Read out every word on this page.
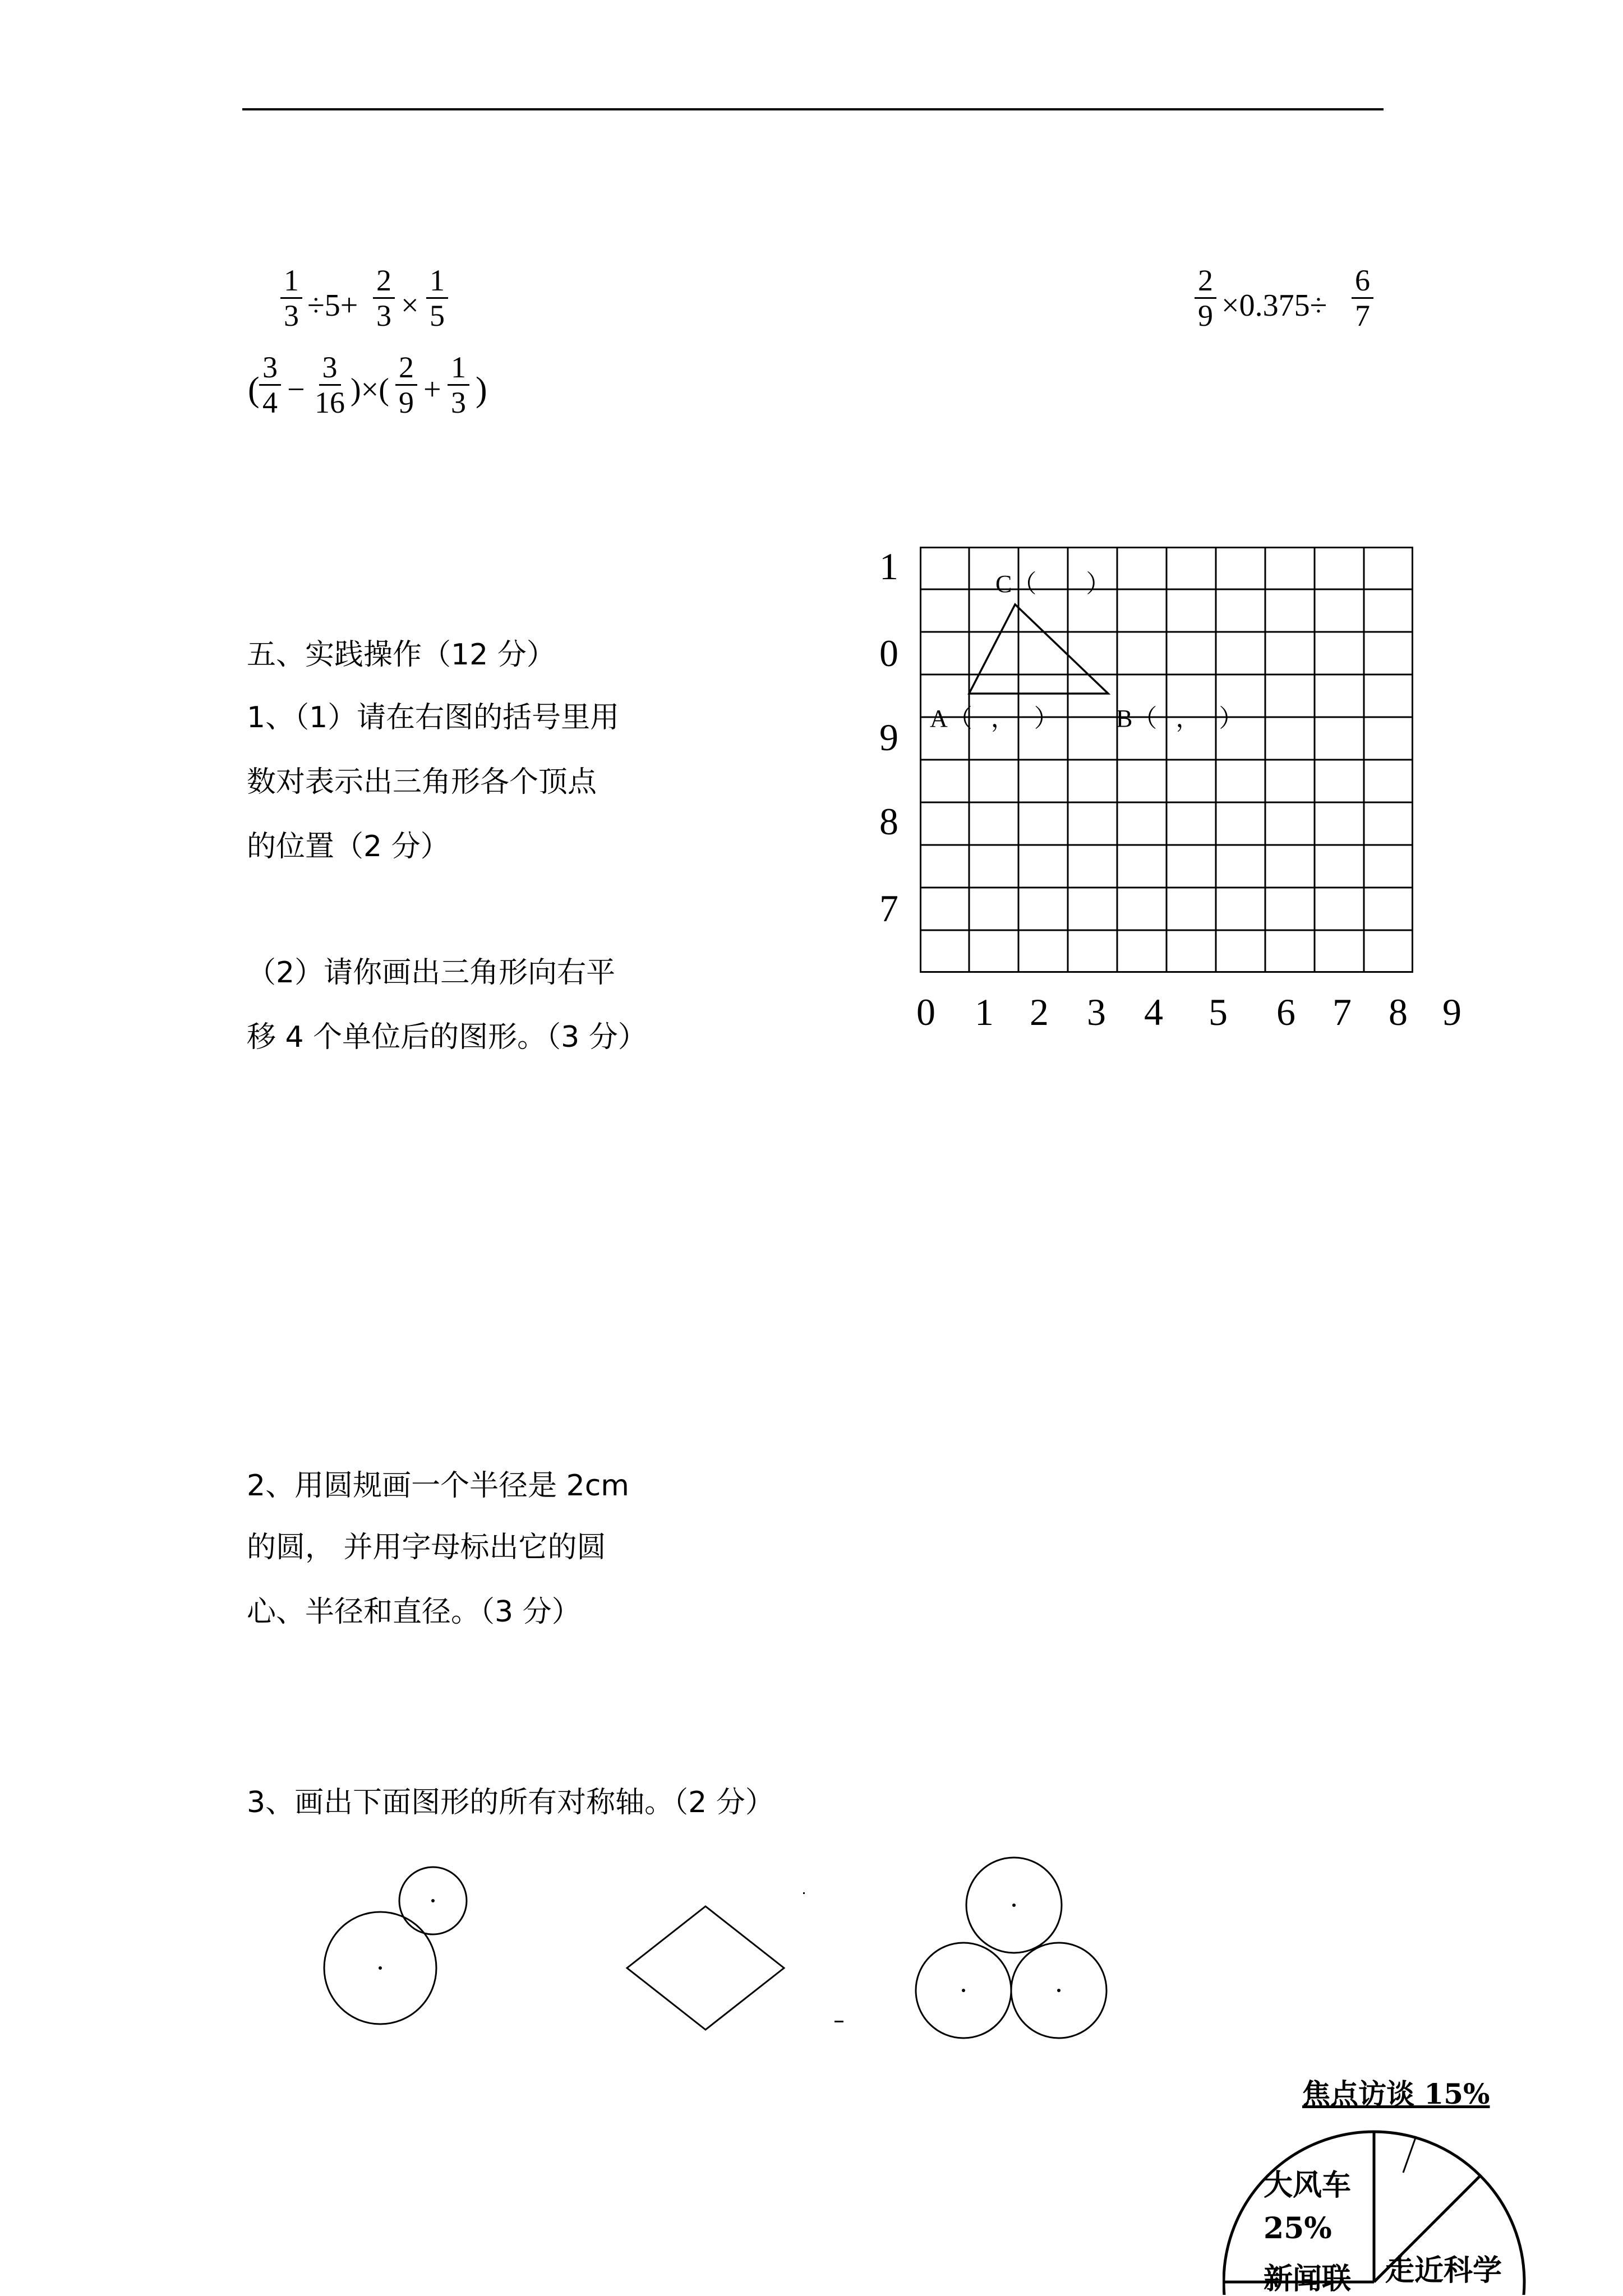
$\frac{1}{3} \div 5+ \frac{2}{3} \times \frac{1}{5}$	$\frac{2}{9} \times 0.375\div \frac{6}{7}$
( $\frac{3}{4} - \frac{3}{16}$ )×( $\frac{2}{9} + \frac{1}{3}$ )
五、实践操作（12 分）
1、（1）请在右图的括号里用
数对表示出三角形各个顶点
的位置（2 分）
（2）请你画出三角形向右平
移 4 个单位后的图形。（3 分）
2、用圆规画一个半径是 2cm
的圆， 并用字母标出它的圆
心、半径和直径。（3 分）
3、画出下面图形的所有对称轴。（2 分）
1
0
9
8
7
0 1 2 3 4 5 6 7 8 9
C（        ）
A（   ，   ） B（   ，   ）
焦点访谈 15%
大风车
25%
走近科学
新闻联
